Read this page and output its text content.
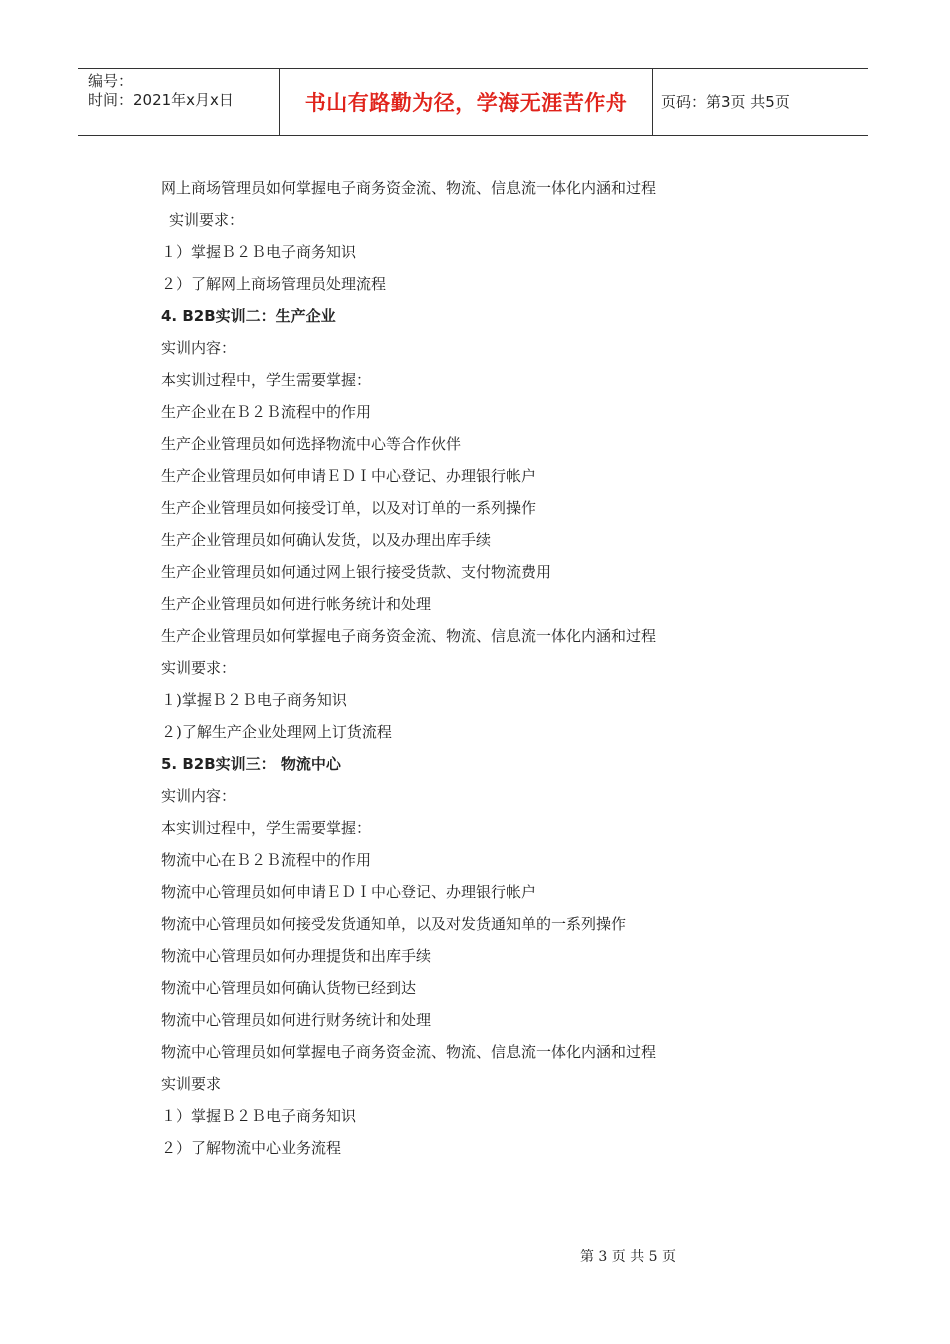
编号：
时间：2021年x月x日	书山有路勤为径，学海无涯苦作舟	页码：第3页 共5页
网上商场管理员如何掌握电子商务资金流、物流、信息流一体化内涵和过程
实训要求：
１）掌握Ｂ２Ｂ电子商务知识
２）了解网上商场管理员处理流程
4. B2B实训二：生产企业
实训内容：
本实训过程中，学生需要掌握：
生产企业在Ｂ２Ｂ流程中的作用
生产企业管理员如何选择物流中心等合作伙伴
生产企业管理员如何申请ＥＤＩ中心登记、办理银行帐户
生产企业管理员如何接受订单，以及对订单的一系列操作
生产企业管理员如何确认发货，以及办理出库手续
生产企业管理员如何通过网上银行接受货款、支付物流费用
生产企业管理员如何进行帐务统计和处理
生产企业管理员如何掌握电子商务资金流、物流、信息流一体化内涵和过程
实训要求：
１)掌握Ｂ２Ｂ电子商务知识
２)了解生产企业处理网上订货流程
5. B2B实训三： 物流中心
实训内容：
本实训过程中，学生需要掌握：
物流中心在Ｂ２Ｂ流程中的作用
物流中心管理员如何申请ＥＤＩ中心登记、办理银行帐户
物流中心管理员如何接受发货通知单，以及对发货通知单的一系列操作
物流中心管理员如何办理提货和出库手续
物流中心管理员如何确认货物已经到达
物流中心管理员如何进行财务统计和处理
物流中心管理员如何掌握电子商务资金流、物流、信息流一体化内涵和过程
实训要求
１）掌握Ｂ２Ｂ电子商务知识
２）了解物流中心业务流程
第 3 页 共 5 页
